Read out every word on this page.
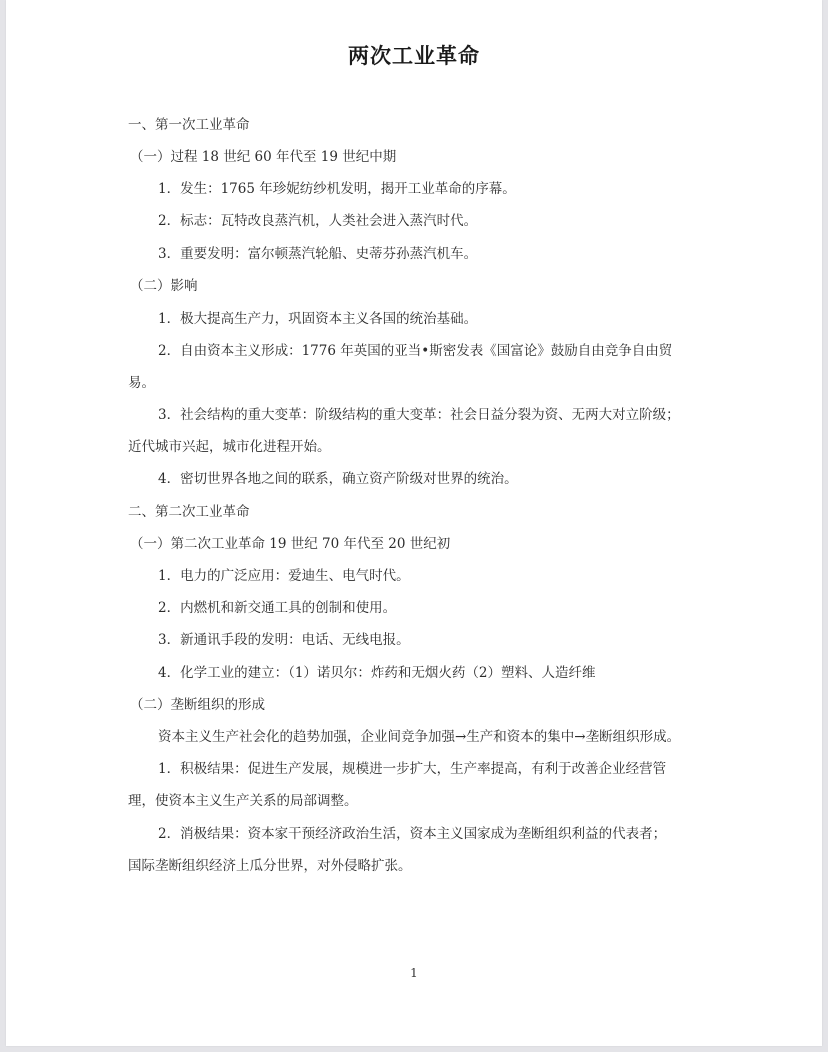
两次工业革命
一、第一次工业革命
（一）过程 18 世纪 60 年代至 19 世纪中期
1．发生：1765 年珍妮纺纱机发明，揭开工业革命的序幕。
2．标志：瓦特改良蒸汽机，人类社会进入蒸汽时代。
3．重要发明：富尔顿蒸汽轮船、史蒂芬孙蒸汽机车。
（二）影响
1．极大提高生产力，巩固资本主义各国的统治基础。
2．自由资本主义形成：1776 年英国的亚当•斯密发表《国富论》鼓励自由竞争自由贸
易。
3．社会结构的重大变革：阶级结构的重大变革：社会日益分裂为资、无两大对立阶级；
近代城市兴起，城市化进程开始。
4．密切世界各地之间的联系，确立资产阶级对世界的统治。
二、第二次工业革命
（一）第二次工业革命 19 世纪 70 年代至 20 世纪初
1．电力的广泛应用：爱迪生、电气时代。
2．内燃机和新交通工具的创制和使用。
3．新通讯手段的发明：电话、无线电报。
4．化学工业的建立：（1）诺贝尔：炸药和无烟火药（2）塑料、人造纤维
（二）垄断组织的形成
资本主义生产社会化的趋势加强，企业间竞争加强→生产和资本的集中→垄断组织形成。
1．积极结果：促进生产发展，规模进一步扩大，生产率提高，有利于改善企业经营管
理，使资本主义生产关系的局部调整。
2．消极结果：资本家干预经济政治生活，资本主义国家成为垄断组织利益的代表者；
国际垄断组织经济上瓜分世界，对外侵略扩张。
1
